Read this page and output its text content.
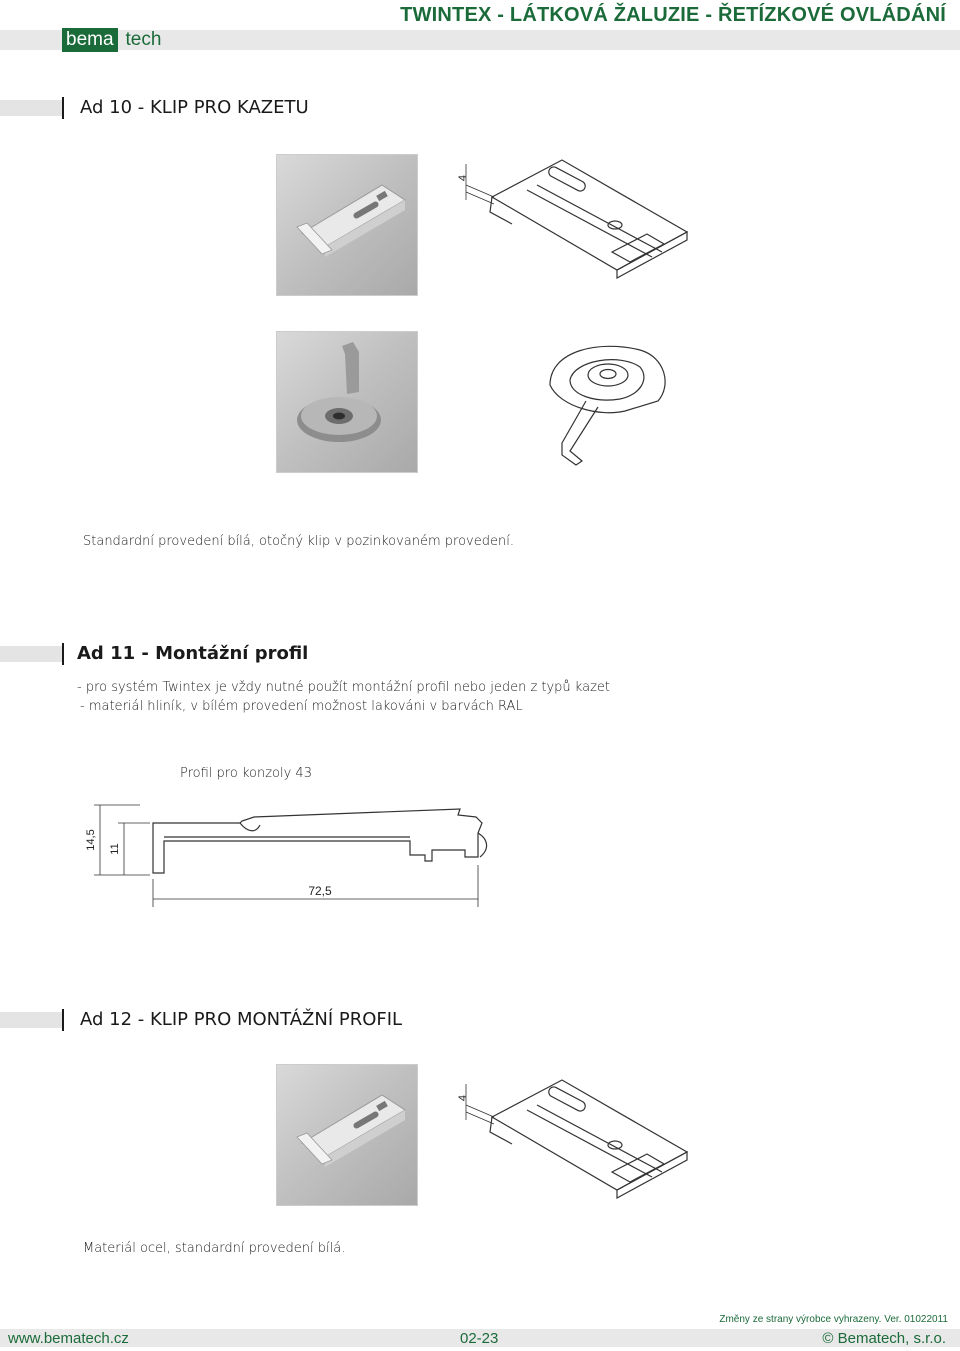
bema tech
TWINTEX - LÁTKOVÁ ŽALUZIE - ŘETÍZKOVÉ OVLÁDÁNÍ
Ad 10 - KLIP PRO KAZETU
4
Standardní provedení bílá, otočný klip v pozinkovaném provedení.
Ad 11 - Montážní profil
- pro systém Twintex je vždy nutné použít montážní profil nebo jeden z typů kazet
- materiál hliník, v bílém provedení možnost lakováni v barvách RAL
Profil pro konzoly 43
14,5 11
72,5
Ad 12 - KLIP PRO MONTÁŽNÍ PROFIL
4
Materiál ocel, standardní provedení bílá.
Změny ze strany výrobce vyhrazeny. Ver. 01022011
www.bematech.cz	02-23	© Bematech, s.r.o.
